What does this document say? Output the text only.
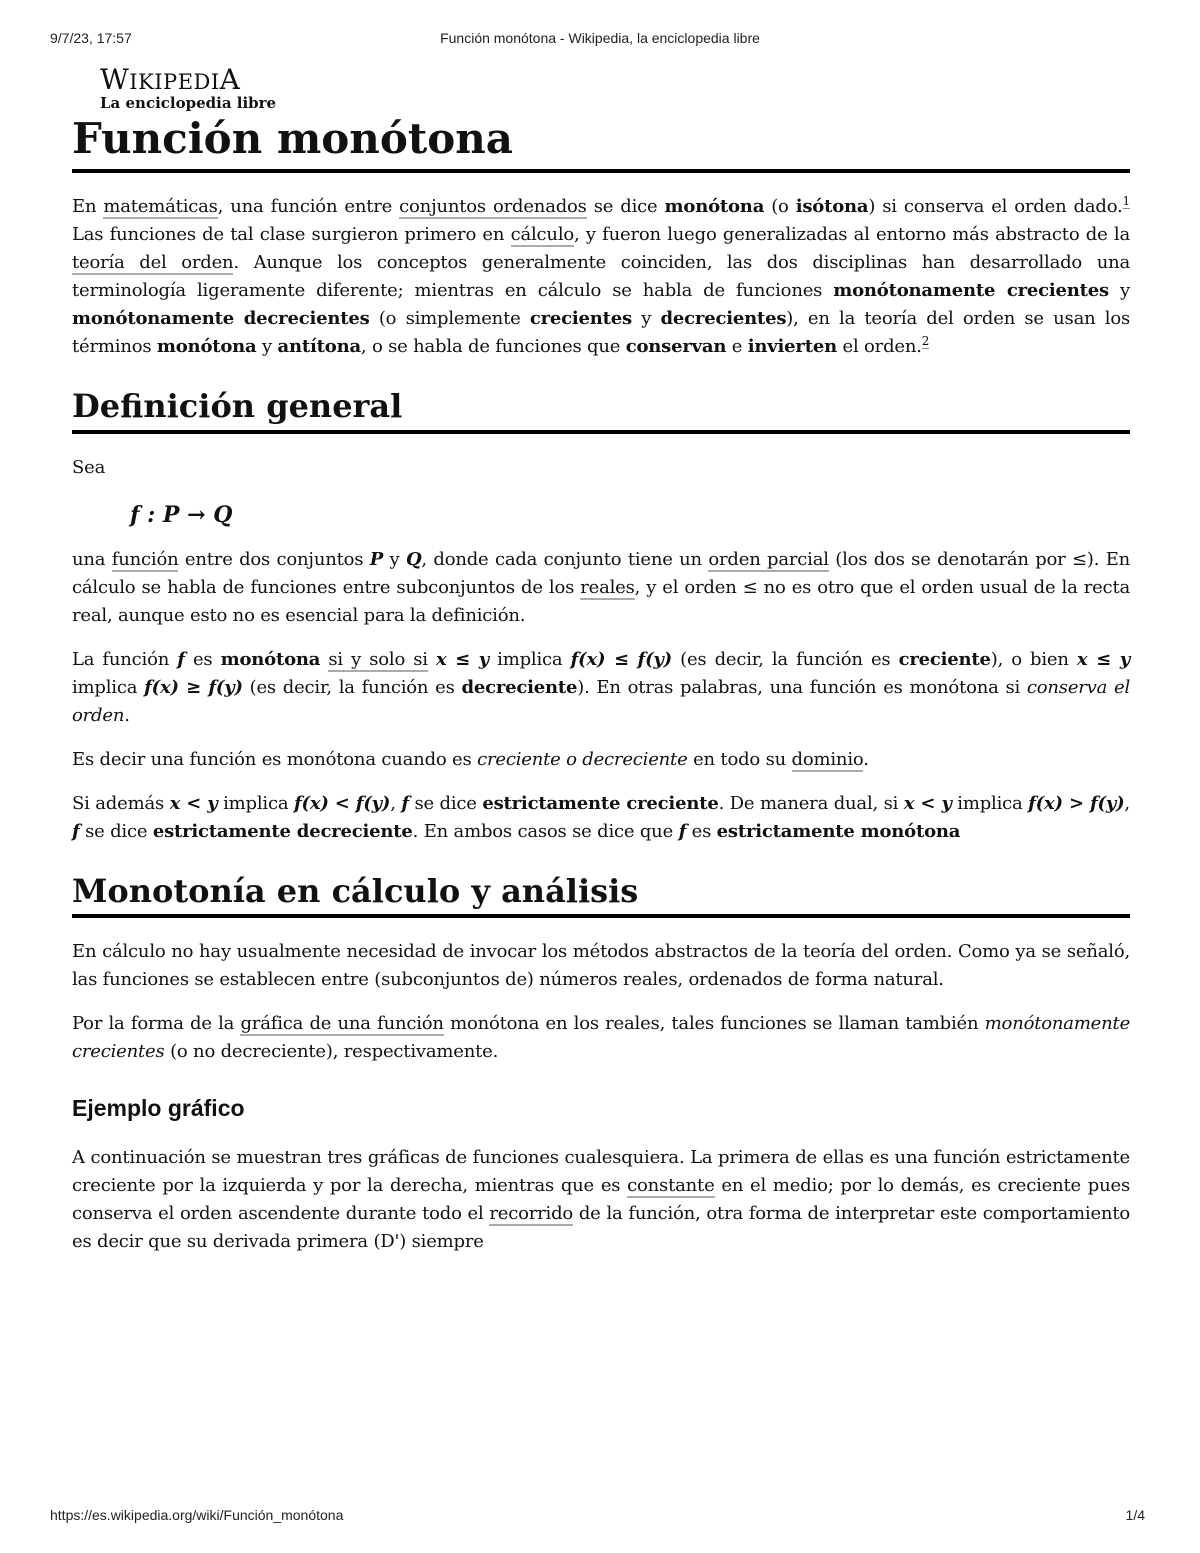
9/7/23, 17:57	Función monótona - Wikipedia, la enciclopedia libre
WIKIPEDIA
La enciclopedia libre
Función monótona

En matemáticas, una función entre conjuntos ordenados se dice monótona (o isótona) si conserva el orden dado.$^1$ Las funciones de tal clase surgieron primero en cálculo, y fueron luego generalizadas al entorno más abstracto de la teoría del orden. Aunque los conceptos generalmente coinciden, las dos disciplinas han desarrollado una terminología ligeramente diferente; mientras en cálculo se habla de funciones monótonamente crecientes y monótonamente decrecientes (o simplemente crecientes y decrecientes), en la teoría del orden se usan los términos monótona y antítona, o se habla de funciones que conservan e invierten el orden.$^2$

Definición general

Sea

f : P → Q

una función entre dos conjuntos P y Q, donde cada conjunto tiene un orden parcial (los dos se denotarán por ≤). En cálculo se habla de funciones entre subconjuntos de los reales, y el orden ≤ no es otro que el orden usual de la recta real, aunque esto no es esencial para la definición.

La función f es monótona si y solo si x ≤ y implica f(x) ≤ f(y) (es decir, la función es creciente), o bien x ≤ y implica f(x) ≥ f(y) (es decir, la función es decreciente). En otras palabras, una función es monótona si conserva el orden.

Es decir una función es monótona cuando es creciente o decreciente en todo su dominio.

Si además x < y implica f(x) < f(y), f se dice estrictamente creciente. De manera dual, si x < y implica f(x) > f(y), f se dice estrictamente decreciente. En ambos casos se dice que f es estrictamente monótona

Monotonía en cálculo y análisis

En cálculo no hay usualmente necesidad de invocar los métodos abstractos de la teoría del orden. Como ya se señaló, las funciones se establecen entre (subconjuntos de) números reales, ordenados de forma natural.

Por la forma de la gráfica de una función monótona en los reales, tales funciones se llaman también monótonamente crecientes (o no decreciente), respectivamente.

Ejemplo gráfico

A continuación se muestran tres gráficas de funciones cualesquiera. La primera de ellas es una función estrictamente creciente por la izquierda y por la derecha, mientras que es constante en el medio; por lo demás, es creciente pues conserva el orden ascendente durante todo el recorrido de la función, otra forma de interpretar este comportamiento es decir que su derivada primera (D') siempre

https://es.wikipedia.org/wiki/Función_monótona	1/4
